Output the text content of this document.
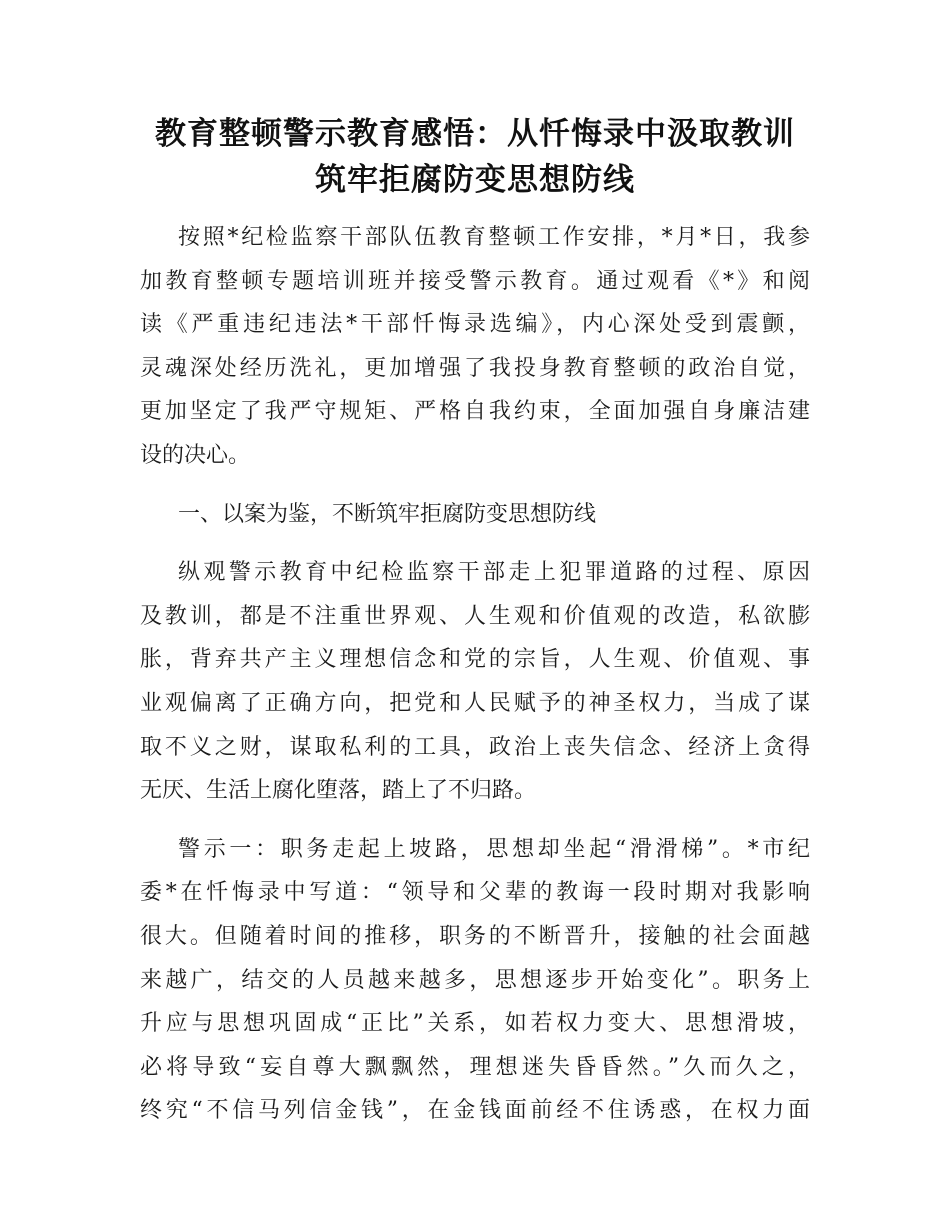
教育整顿警示教育感悟：从忏悔录中汲取教训
筑牢拒腐防变思想防线
按照*纪检监察干部队伍教育整顿工作安排，*月*日，我参
加教育整顿专题培训班并接受警示教育。通过观看《*》和阅
读《严重违纪违法*干部忏悔录选编》，内心深处受到震颤，
灵魂深处经历洗礼，更加增强了我投身教育整顿的政治自觉，
更加坚定了我严守规矩、严格自我约束，全面加强自身廉洁建
设的决心。
一、以案为鉴，不断筑牢拒腐防变思想防线
纵观警示教育中纪检监察干部走上犯罪道路的过程、原因
及教训，都是不注重世界观、人生观和价值观的改造，私欲膨
胀，背弃共产主义理想信念和党的宗旨，人生观、价值观、事
业观偏离了正确方向，把党和人民赋予的神圣权力，当成了谋
取不义之财，谋取私利的工具，政治上丧失信念、经济上贪得
无厌、生活上腐化堕落，踏上了不归路。
警示一：职务走起上坡路，思想却坐起“滑滑梯”。*市纪
委*在忏悔录中写道：“领导和父辈的教诲一段时期对我影响
很大。但随着时间的推移，职务的不断晋升，接触的社会面越
来越广，结交的人员越来越多，思想逐步开始变化”。职务上
升应与思想巩固成“正比”关系，如若权力变大、思想滑坡，
必将导致“妄自尊大飘飘然，理想迷失昏昏然。”久而久之，
终究“不信马列信金钱”，在金钱面前经不住诱惑，在权力面
